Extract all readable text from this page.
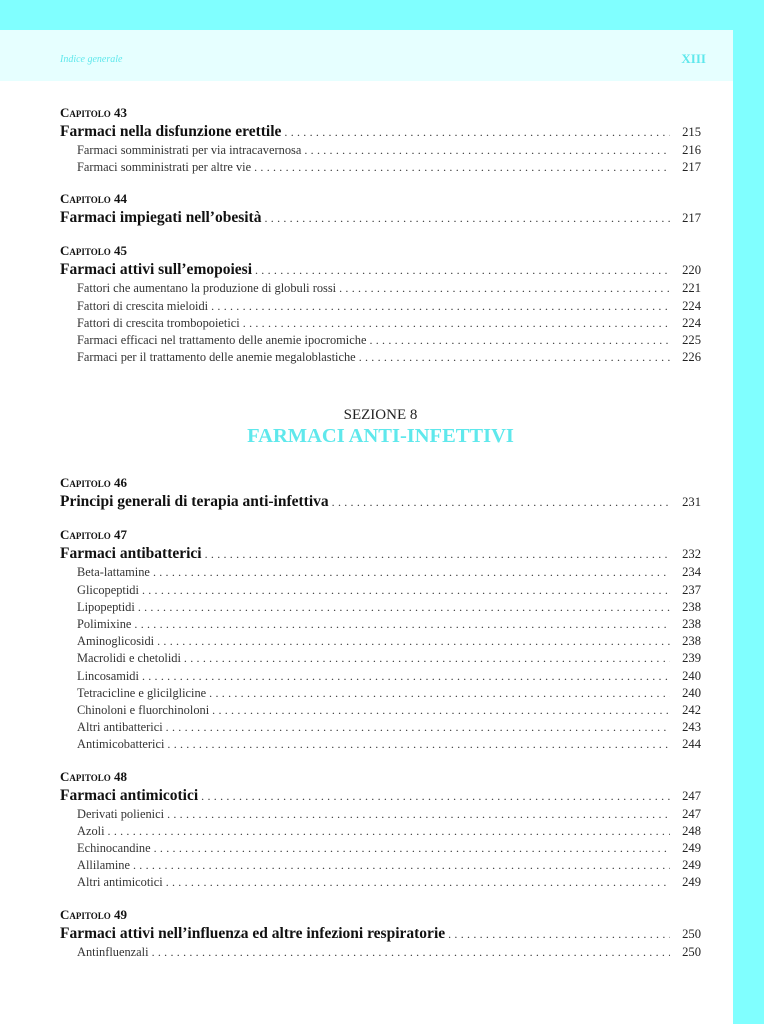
Indice generale	XIII
Capitolo 43
Farmaci nella disfunzione erettile .....	215
Farmaci somministrati per via intracavernosa .....	216
Farmaci somministrati per altre vie .....	217
Capitolo 44
Farmaci impiegati nell’obesità .....	217
Capitolo 45
Farmaci attivi sull’emopoiesi .....	220
Fattori che aumentano la produzione di globuli rossi .....	221
Fattori di crescita mieloidi .....	224
Fattori di crescita trombopoietici .....	224
Farmaci efficaci nel trattamento delle anemie ipocromiche .....	225
Farmaci per il trattamento delle anemie megaloblastiche .....	226
SEZIONE 8
FARMACI ANTI-INFETTIVI
Capitolo 46
Principi generali di terapia anti-infettiva .....	231
Capitolo 47
Farmaci antibatterici .....	232
Beta-lattamine .....	234
Glicopeptidi .....	237
Lipopeptidi .....	238
Polimixine .....	238
Aminoglicosidi .....	238
Macrolidi e chetolidi .....	239
Lincosamidi .....	240
Tetracicline e glicilglicine .....	240
Chinoloni e fluorchinoloni .....	242
Altri antibatterici .....	243
Antimicobatterici .....	244
Capitolo 48
Farmaci antimicotici .....	247
Derivati polienici .....	247
Azoli .....	248
Echinocandine .....	249
Allilamine .....	249
Altri antimicotici .....	249
Capitolo 49
Farmaci attivi nell’influenza ed altre infezioni respiratorie .....	250
Antinfluenzali .....	250
